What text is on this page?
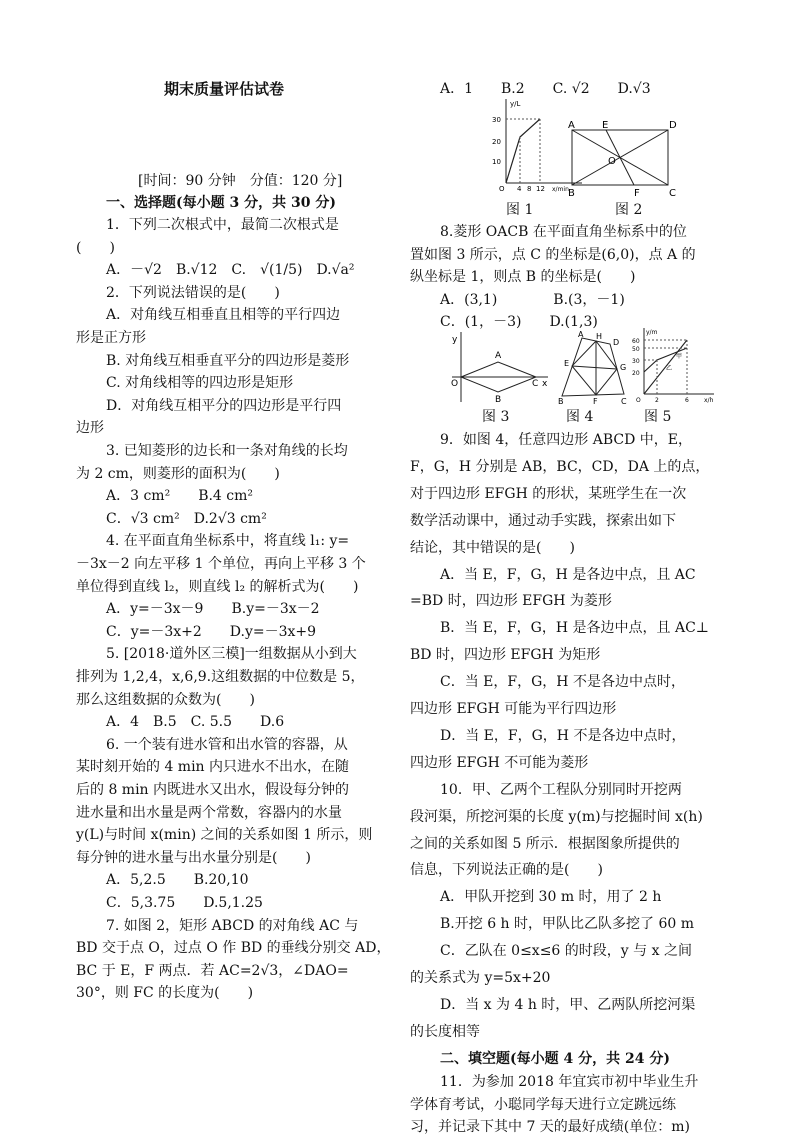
期末质量评估试卷
[时间：90 分钟　分值：120 分]
一、选择题(每小题 3 分，共 30 分)
1．下列二次根式中，最简二次根式是
(　　)
A．－√2　B.√12　C.　√(1/5)　D.√a²
2．下列说法错误的是(　　)
A．对角线互相垂直且相等的平行四边
形是正方形
B. 对角线互相垂直平分的四边形是菱形
C. 对角线相等的四边形是矩形
D．对角线互相平分的四边形是平行四
边形
3. 已知菱形的边长和一条对角线的长均
为 2 cm，则菱形的面积为(　　)
A．3 cm²　　B.4 cm²
C．√3 cm²　D.2√3 cm²
4. 在平面直角坐标系中，将直线 l₁: y=
－3x－2 向左平移 1 个单位，再向上平移 3 个
单位得到直线 l₂，则直线 l₂ 的解析式为(　　)
A．y=－3x－9　　B.y=－3x－2
C．y=－3x+2　　D.y=－3x+9
5. [2018·道外区三模]一组数据从小到大
排列为 1,2,4，x,6,9.这组数据的中位数是 5，
那么这组数据的众数为(　　)
A．4　B.5　C. 5.5　　D.6
6. 一个装有进水管和出水管的容器，从
某时刻开始的 4 min 内只进水不出水，在随
后的 8 min 内既进水又出水，假设每分钟的
进水量和出水量是两个常数，容器内的水量
y(L)与时间 x(min) 之间的关系如图 1 所示，则
每分钟的进水量与出水量分别是(　　)
A．5,2.5　　B.20,10
C．5,3.75　　D.5,1.25
7. 如图 2，矩形 ABCD 的对角线 AC 与
BD 交于点 O，过点 O 作 BD 的垂线分别交 AD，
BC 于 E，F 两点．若 AC=2√3，∠DAO=
30°，则 FC 的长度为(　　)
A．1　　B.2　　C. √2　　D.√3
y/L
10
20
30
O 4 8 12 x/min
A	E	D
O
B	F	C
图 1	图 2
8.菱形 OACB 在平面直角坐标系中的位
置如图 3 所示，点 C 的坐标是(6,0)，点 A 的
纵坐标是 1，则点 B 的坐标是(　　)
A．(3,1)　　　　B.(3，－1)
C．(1，－3)　　D.(1,3)
y
A
O	C x
B
A H
D
E	G
B	F	C
y/m
60
50
30
20
O 2	6	x/h
甲
乙
图 3	图 4	图 5
9．如图 4，任意四边形 ABCD 中，E，
F，G，H 分别是 AB，BC，CD，DA 上的点，
对于四边形 EFGH 的形状，某班学生在一次
数学活动课中，通过动手实践，探索出如下
结论，其中错误的是(　　)
A．当 E，F，G，H 是各边中点，且 AC
=BD 时，四边形 EFGH 为菱形
B．当 E，F，G，H 是各边中点，且 AC⊥
BD 时，四边形 EFGH 为矩形
C．当 E，F，G，H 不是各边中点时，
四边形 EFGH 可能为平行四边形
D．当 E，F，G，H 不是各边中点时，
四边形 EFGH 不可能为菱形
10．甲、乙两个工程队分别同时开挖两
段河渠，所挖河渠的长度 y(m)与挖掘时间 x(h)
之间的关系如图 5 所示．根据图象所提供的
信息，下列说法正确的是(　　)
A．甲队开挖到 30 m 时，用了 2 h
B.开挖 6 h 时，甲队比乙队多挖了 60 m
C．乙队在 0≤x≤6 的时段，y 与 x 之间
的关系式为 y=5x+20
D．当 x 为 4 h 时，甲、乙两队所挖河渠
的长度相等
二、填空题(每小题 4 分，共 24 分)
11．为参加 2018 年宜宾市初中毕业生升
学体育考试，小聪同学每天进行立定跳远练
习，并记录下其中 7 天的最好成绩(单位：m)
